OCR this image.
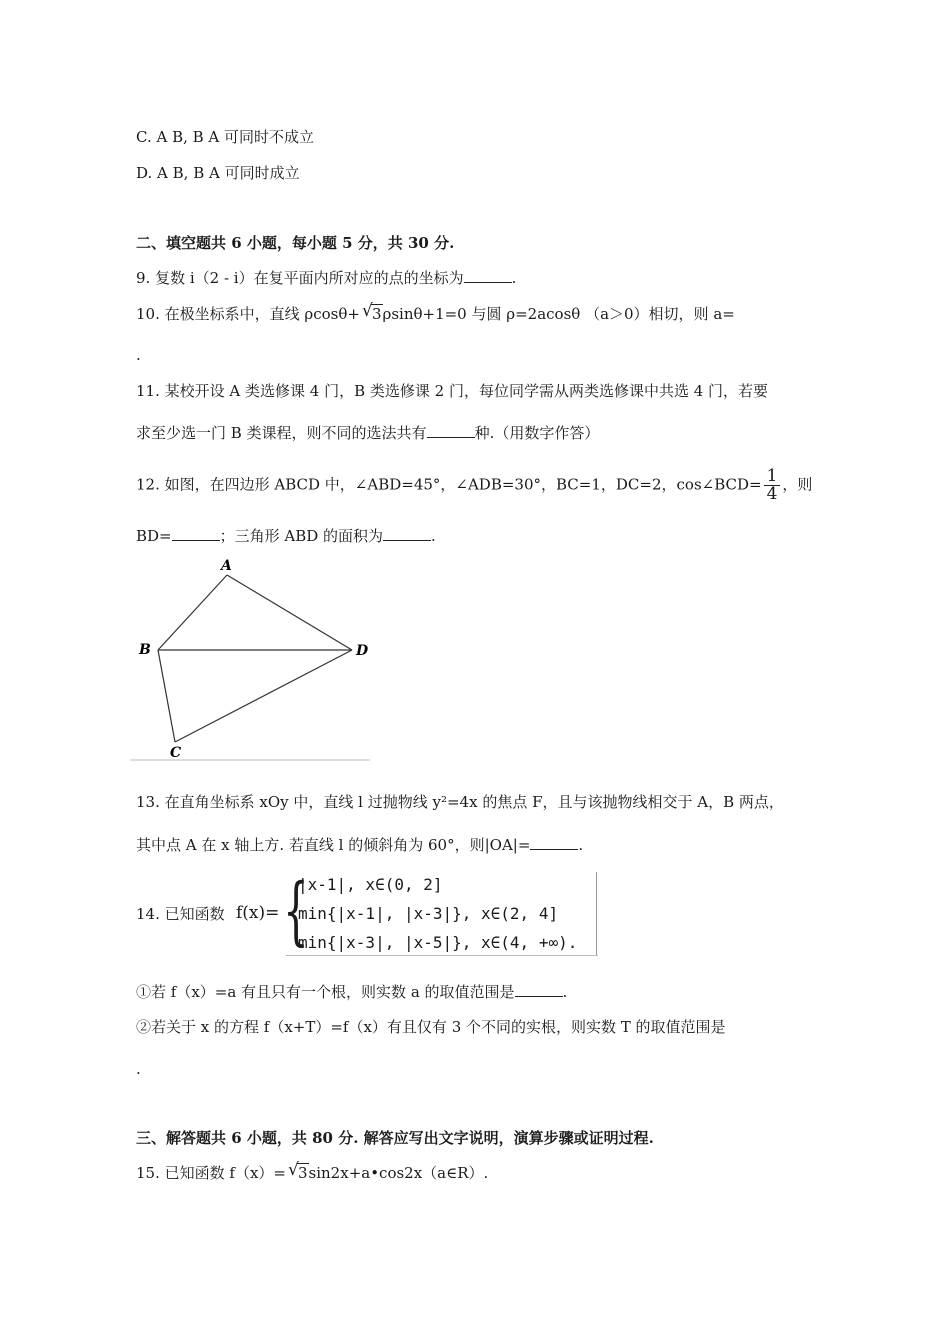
C. A B, B A 可同时不成立
D. A B, B A 可同时成立
二、填空题共 6 小题，每小题 5 分，共 30 分.
9. 复数 i（2 - i）在复平面内所对应的点的坐标为	.
10. 在极坐标系中，直线 ρcosθ+ √ 3ρsinθ+1=0 与圆 ρ=2acosθ （a＞0）相切，则 a=
.
11. 某校开设 A 类选修课 4 门，B 类选修课 2 门，每位同学需从两类选修课中共选 4 门，若要
求至少选一门 B 类课程，则不同的选法共有	种.（用数字作答）
12. 如图，在四边形 ABCD 中，∠ABD=45°，∠ADB=30°，BC=1，DC=2，cos∠BCD= $\frac{1}{4}$ ，则
BD=	；三角形 ABD 的面积为	.
A
B	D
C
13. 在直角坐标系 xOy 中，直线 l 过抛物线 y²=4x 的焦点 F，且与该抛物线相交于 A，B 两点，
其中点 A 在 x 轴上方. 若直线 l 的倾斜角为 60°，则|OA|=	.
14. 已知函数 f(x)= {
|x-1|, x∈(0, 2]
min{|x-1|, |x-3|}, x∈(2, 4]
min{|x-3|, |x-5|}, x∈(4, +∞).
①若 f（x）=a 有且只有一个根，则实数 a 的取值范围是	.
②若关于 x 的方程 f（x+T）=f（x）有且仅有 3 个不同的实根，则实数 T 的取值范围是
.
三、解答题共 6 小题，共 80 分. 解答应写出文字说明，演算步骤或证明过程.
15. 已知函数 f（x）= √ 3sin2x+a•cos2x（a∈R）.
